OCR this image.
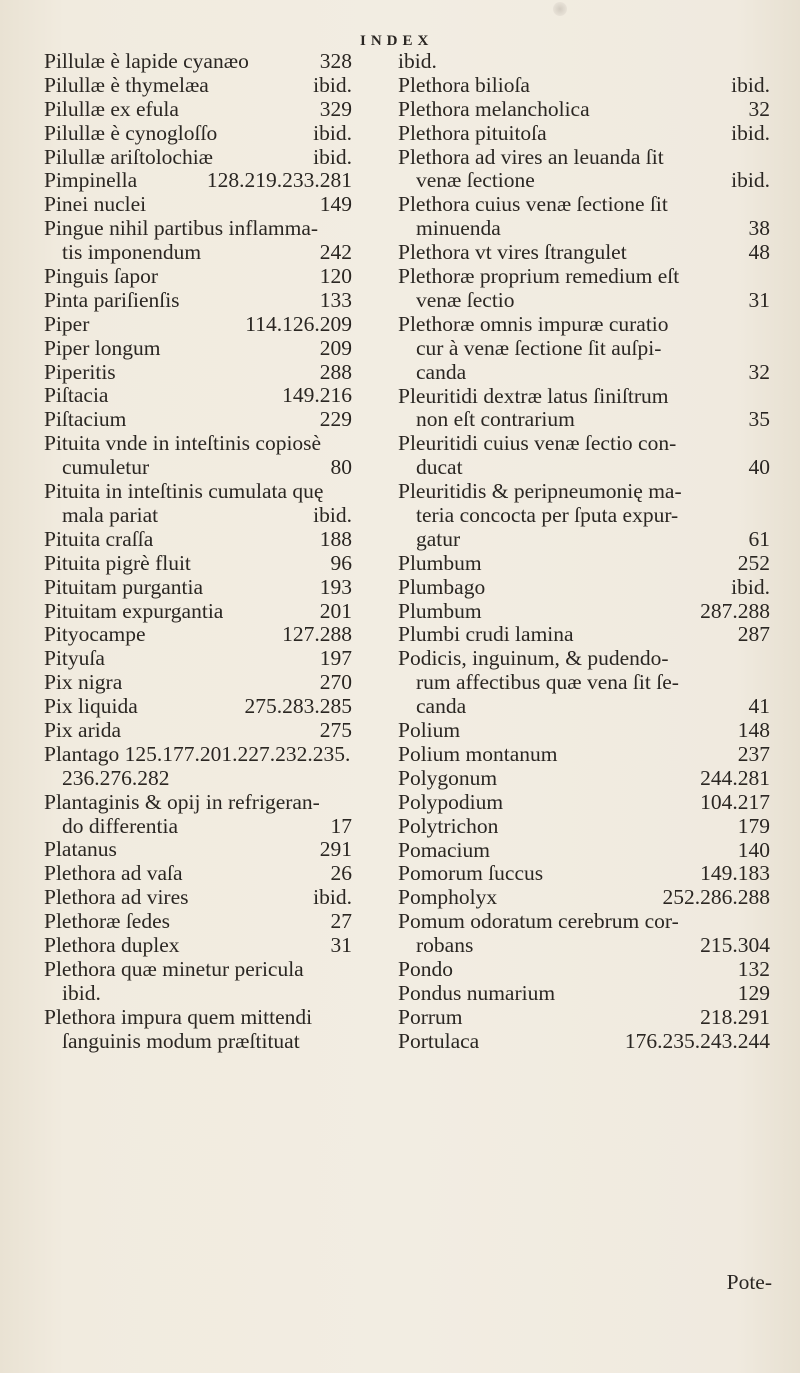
INDEX
Pillulæ è lapide cyanæo	328
Pilullæ è thymelæa	ibid.
Pilullæ ex efula	329
Pilullæ è cynogloſſo	ibid.
Pilullæ ariſtolochiæ	ibid.
Pimpinella	128.219.233.281
Pinei nuclei	149
Pingue nihil partibus inflamma-
tis imponendum	242
Pinguis ſapor	120
Pinta pariſienſis	133
Piper	114.126.209
Piper longum	209
Piperitis	288
Piſtacia	149.216
Piſtacium	229
Pituita vnde in inteſtinis copiosè
cumuletur	80
Pituita in inteſtinis cumulata quę
mala pariat	ibid.
Pituita craſſa	188
Pituita pigrè fluit	96
Pituitam purgantia	193
Pituitam expurgantia	201
Pityocampe	127.288
Pityuſa	197
Pix nigra	270
Pix liquida	275.283.285
Pix arida	275
Plantago 125.177.201.227.232.235.
236.276.282
Plantaginis & opij in refrigeran-
do differentia	17
Platanus	291
Plethora ad vaſa	26
Plethora ad vires	ibid.
Plethoræ ſedes	27
Plethora duplex	31
Plethora quæ minetur pericula
ibid.
Plethora impura quem mittendi
ſanguinis modum præſtituat
ibid.
Plethora bilioſa	ibid.
Plethora melancholica	32
Plethora pituitoſa	ibid.
Plethora ad vires an leuanda ſit
venæ ſectione	ibid.
Plethora cuius venæ ſectione ſit
minuenda	38
Plethora vt vires ſtrangulet	48
Plethoræ proprium remedium eſt
venæ ſectio	31
Plethoræ omnis impuræ curatio
cur à venæ ſectione ſit auſpi-
canda	32
Pleuritidi dextræ latus ſiniſtrum
non eſt contrarium	35
Pleuritidi cuius venæ ſectio con-
ducat	40
Pleuritidis & peripneumonię ma-
teria concocta per ſputa expur-
gatur	61
Plumbum	252
Plumbago	ibid.
Plumbum	287.288
Plumbi crudi lamina	287
Podicis, inguinum, & pudendo-
rum affectibus quæ vena ſit ſe-
canda	41
Polium	148
Polium montanum	237
Polygonum	244.281
Polypodium	104.217
Polytrichon	179
Pomacium	140
Pomorum ſuccus	149.183
Pompholyx	252.286.288
Pomum odoratum cerebrum cor-
robans	215.304
Pondo	132
Pondus numarium	129
Porrum	218.291
Portulaca	176.235.243.244
Pote-
